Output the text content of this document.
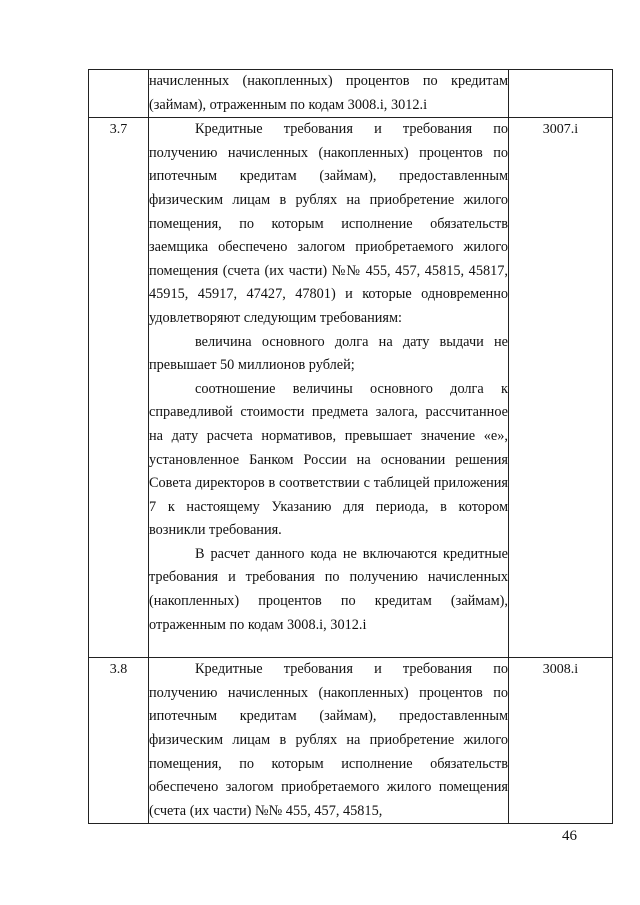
	начисленных (накопленных) процентов по кредитам (займам), отраженным по кодам 3008.i, 3012.i	

3.7	Кредитные требования и требования по получению начисленных (накопленных) процентов по ипотечным кредитам (займам), предоставленным физическим лицам в рублях на приобретение жилого помещения, по которым исполнение обязательств заемщика обеспечено залогом приобретаемого жилого помещения (счета (их части) №№ 455, 457, 45815, 45817, 45915, 45917, 47427, 47801) и которые одновременно удовлетворяют следующим требованиям:

величина основного долга на дату выдачи не превышает 50 миллионов рублей;

соотношение величины основного долга к справедливой стоимости предмета залога, рассчитанное на дату расчета нормативов, превышает значение «е», установленное Банком России на основании решения Совета директоров в соответствии с таблицей приложения 7 к настоящему Указанию для периода, в котором возникли требования.

В расчет данного кода не включаются кредитные требования и требования по получению начисленных (накопленных) процентов по кредитам (займам), отраженным по кодам 3008.i, 3012.i	3007.i
3.8	Кредитные требования и требования по получению начисленных (накопленных) процентов по ипотечным кредитам (займам), предоставленным физическим лицам в рублях на приобретение жилого помещения, по которым исполнение обязательств обеспечено залогом приобретаемого жилого помещения (счета (их части) №№ 455, 457, 45815,	3008.i
46
